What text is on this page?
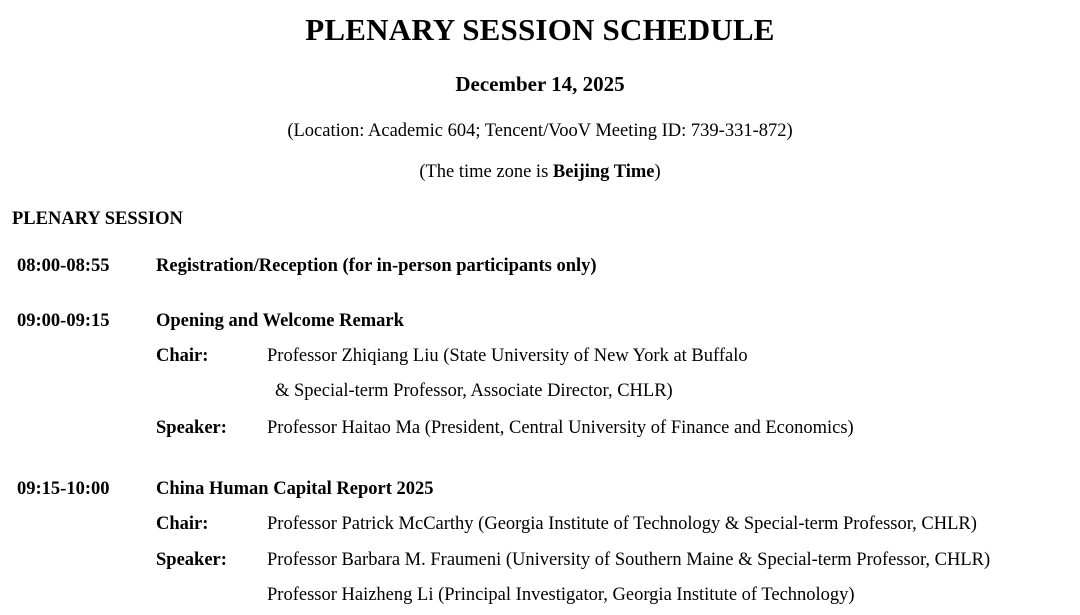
PLENARY SESSION SCHEDULE
December 14, 2025
(Location: Academic 604; Tencent/VooV Meeting ID: 739-331-872)
(The time zone is Beijing Time)
PLENARY SESSION
08:00-08:55	Registration/Reception (for in-person participants only)
09:00-09:15	Opening and Welcome Remark
Chair:	Professor Zhiqiang Liu (State University of New York at Buffalo
& Special-term Professor, Associate Director, CHLR)
Speaker: Professor Haitao Ma (President, Central University of Finance and Economics)
09:15-10:00	China Human Capital Report 2025
Chair:	Professor Patrick McCarthy (Georgia Institute of Technology & Special-term Professor, CHLR)
Speaker: Professor Barbara M. Fraumeni (University of Southern Maine & Special-term Professor, CHLR)
Professor Haizheng Li (Principal Investigator, Georgia Institute of Technology)
